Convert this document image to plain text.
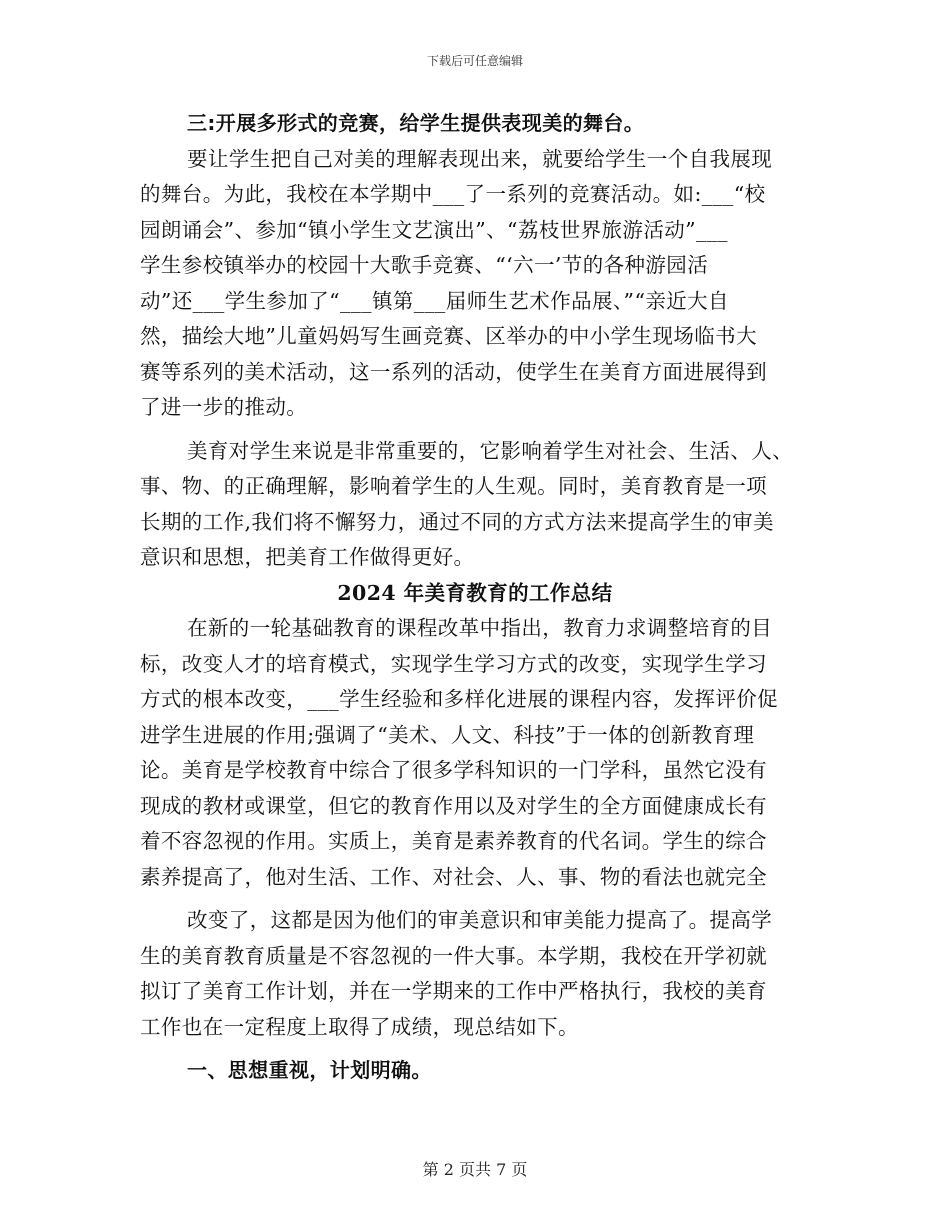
下载后可任意编辑
三:开展多形式的竞赛，给学生提供表现美的舞台。
要让学生把自己对美的理解表现出来，就要给学生一个自我展现
的舞台。为此，我校在本学期中___了一系列的竞赛活动。如:___“校
园朗诵会”、参加“镇小学生文艺演出”、“荔枝世界旅游活动”___
学生参校镇举办的校园十大歌手竞赛、“‘六一’节的各种游园活
动”还___学生参加了“___镇第___届师生艺术作品展、”“亲近大自
然，描绘大地”儿童妈妈写生画竞赛、区举办的中小学生现场临书大
赛等系列的美术活动，这一系列的活动，使学生在美育方面进展得到
了进一步的推动。
美育对学生来说是非常重要的，它影响着学生对社会、生活、人、
事、物、的正确理解，影响着学生的人生观。同时，美育教育是一项
长期的工作,我们将不懈努力，通过不同的方式方法来提高学生的审美
意识和思想，把美育工作做得更好。
2024 年美育教育的工作总结
在新的一轮基础教育的课程改革中指出，教育力求调整培育的目
标，改变人才的培育模式，实现学生学习方式的改变，实现学生学习
方式的根本改变，___学生经验和多样化进展的课程内容，发挥评价促
进学生进展的作用;强调了“美术、人文、科技”于一体的创新教育理
论。美育是学校教育中综合了很多学科知识的一门学科，虽然它没有
现成的教材或课堂，但它的教育作用以及对学生的全方面健康成长有
着不容忽视的作用。实质上，美育是素养教育的代名词。学生的综合
素养提高了，他对生活、工作、对社会、人、事、物的看法也就完全
改变了，这都是因为他们的审美意识和审美能力提高了。提高学
生的美育教育质量是不容忽视的一件大事。本学期，我校在开学初就
拟订了美育工作计划，并在一学期来的工作中严格执行，我校的美育
工作也在一定程度上取得了成绩，现总结如下。
一、思想重视，计划明确。
第 2 页共 7 页
